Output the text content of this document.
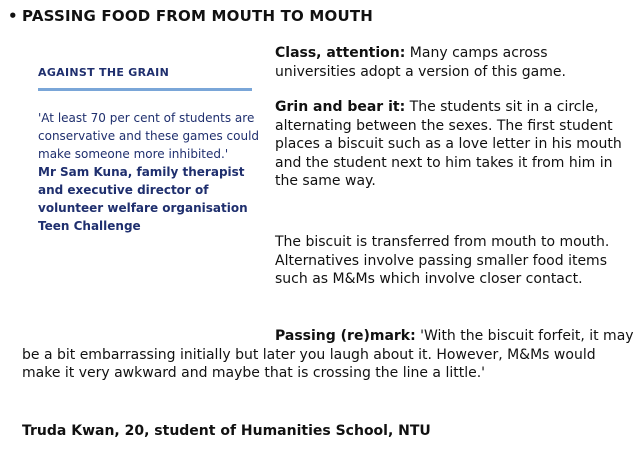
• PASSING FOOD FROM MOUTH TO MOUTH
AGAINST THE GRAIN
'At least 70 per cent of students are conservative and these games could make someone more inhibited.'
Mr Sam Kuna, family therapist and executive director of volunteer welfare organisation Teen Challenge
Class, attention: Many camps across universities adopt a version of this game.
Grin and bear it: The students sit in a circle, alternating between the sexes. The first student places a biscuit such as a love letter in his mouth and the student next to him takes it from him in the same way.
The biscuit is transferred from mouth to mouth. Alternatives involve passing smaller food items such as M&Ms which involve closer contact.
Passing (re)mark: 'With the biscuit forfeit, it may be a bit embarrassing initially but later you laugh about it. However, M&Ms would make it very awkward and maybe that is crossing the line a little.'
Truda Kwan, 20, student of Humanities School, NTU
